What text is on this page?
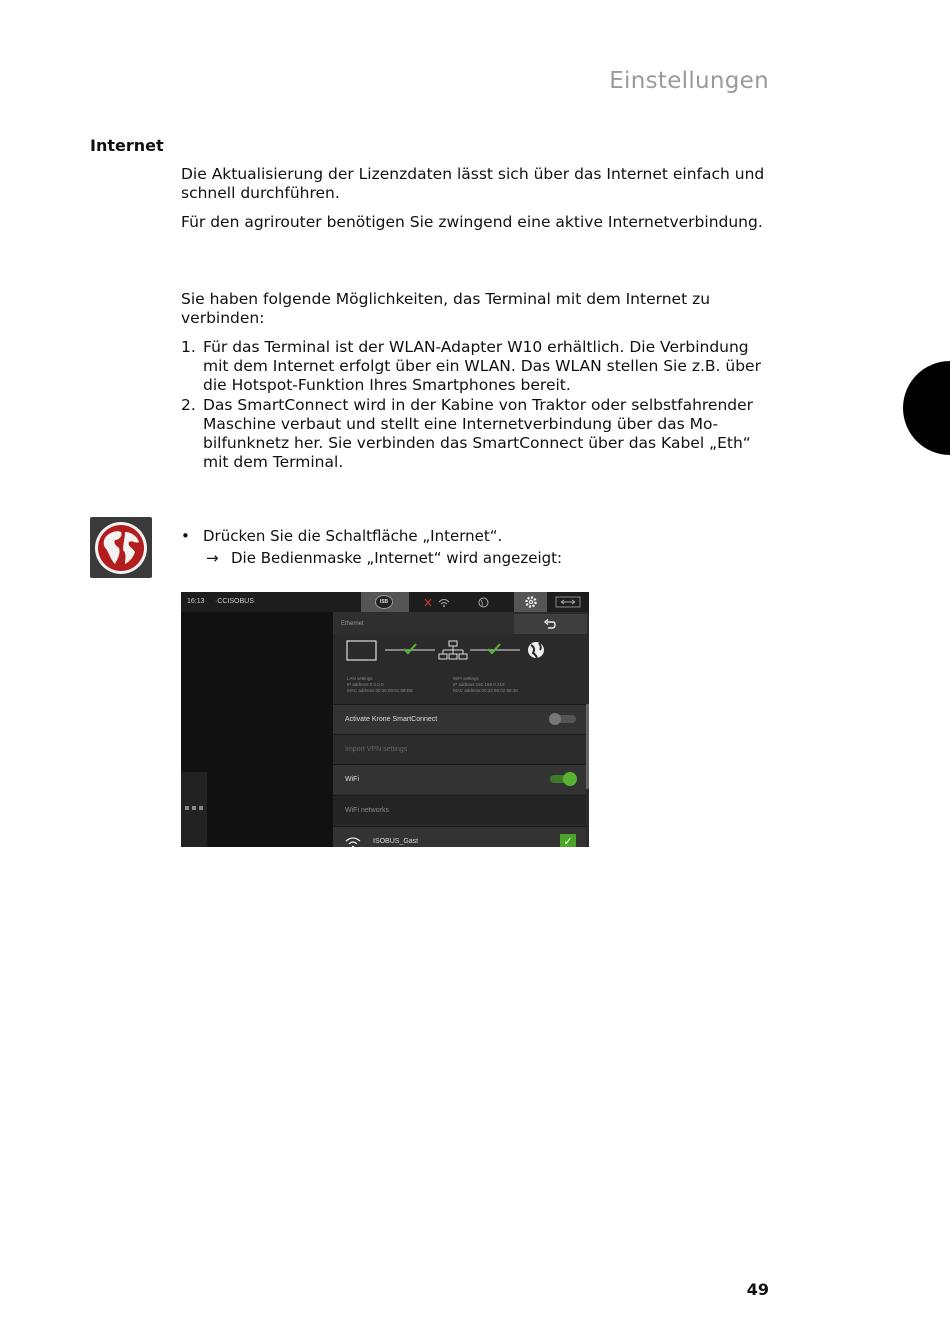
Einstellungen
Internet

Die Aktualisierung der Lizenzdaten lässt sich über das Internet einfach und schnell durchführen.

Für den agrirouter benötigen Sie zwingend eine aktive Internetverbindung.

Sie haben folgende Möglichkeiten, das Terminal mit dem Internet zu verbinden:

1. Für das Terminal ist der WLAN-Adapter W10 erhältlich. Die Verbindung mit dem Internet erfolgt über ein WLAN. Das WLAN stellen Sie z.B. über die Hotspot-Funktion Ihres Smartphones bereit.
2. Das SmartConnect wird in der Kabine von Traktor oder selbstfahrender Maschine verbaut und stellt eine Internetverbindung über das Mobilfunknetz her. Sie verbinden das SmartConnect über das Kabel „Eth“ mit dem Terminal.
• Drücken Sie die Schaltfläche „Internet“.
→ Die Bedienmaske „Internet“ wird angezeigt:
16:13 ·CCISOBUS	ISB
Ethernet
LAN settings
IP address:0.0.0.0
MAC address:00:26:00:81:88:BB
WiFi settings
IP address:192.168.0.219
MAC address:00:22:88:02:98:48
Activate Krone SmartConnect
Import VPN settings
WiFi
WiFi networks
ISOBUS_Gast	✓
49
